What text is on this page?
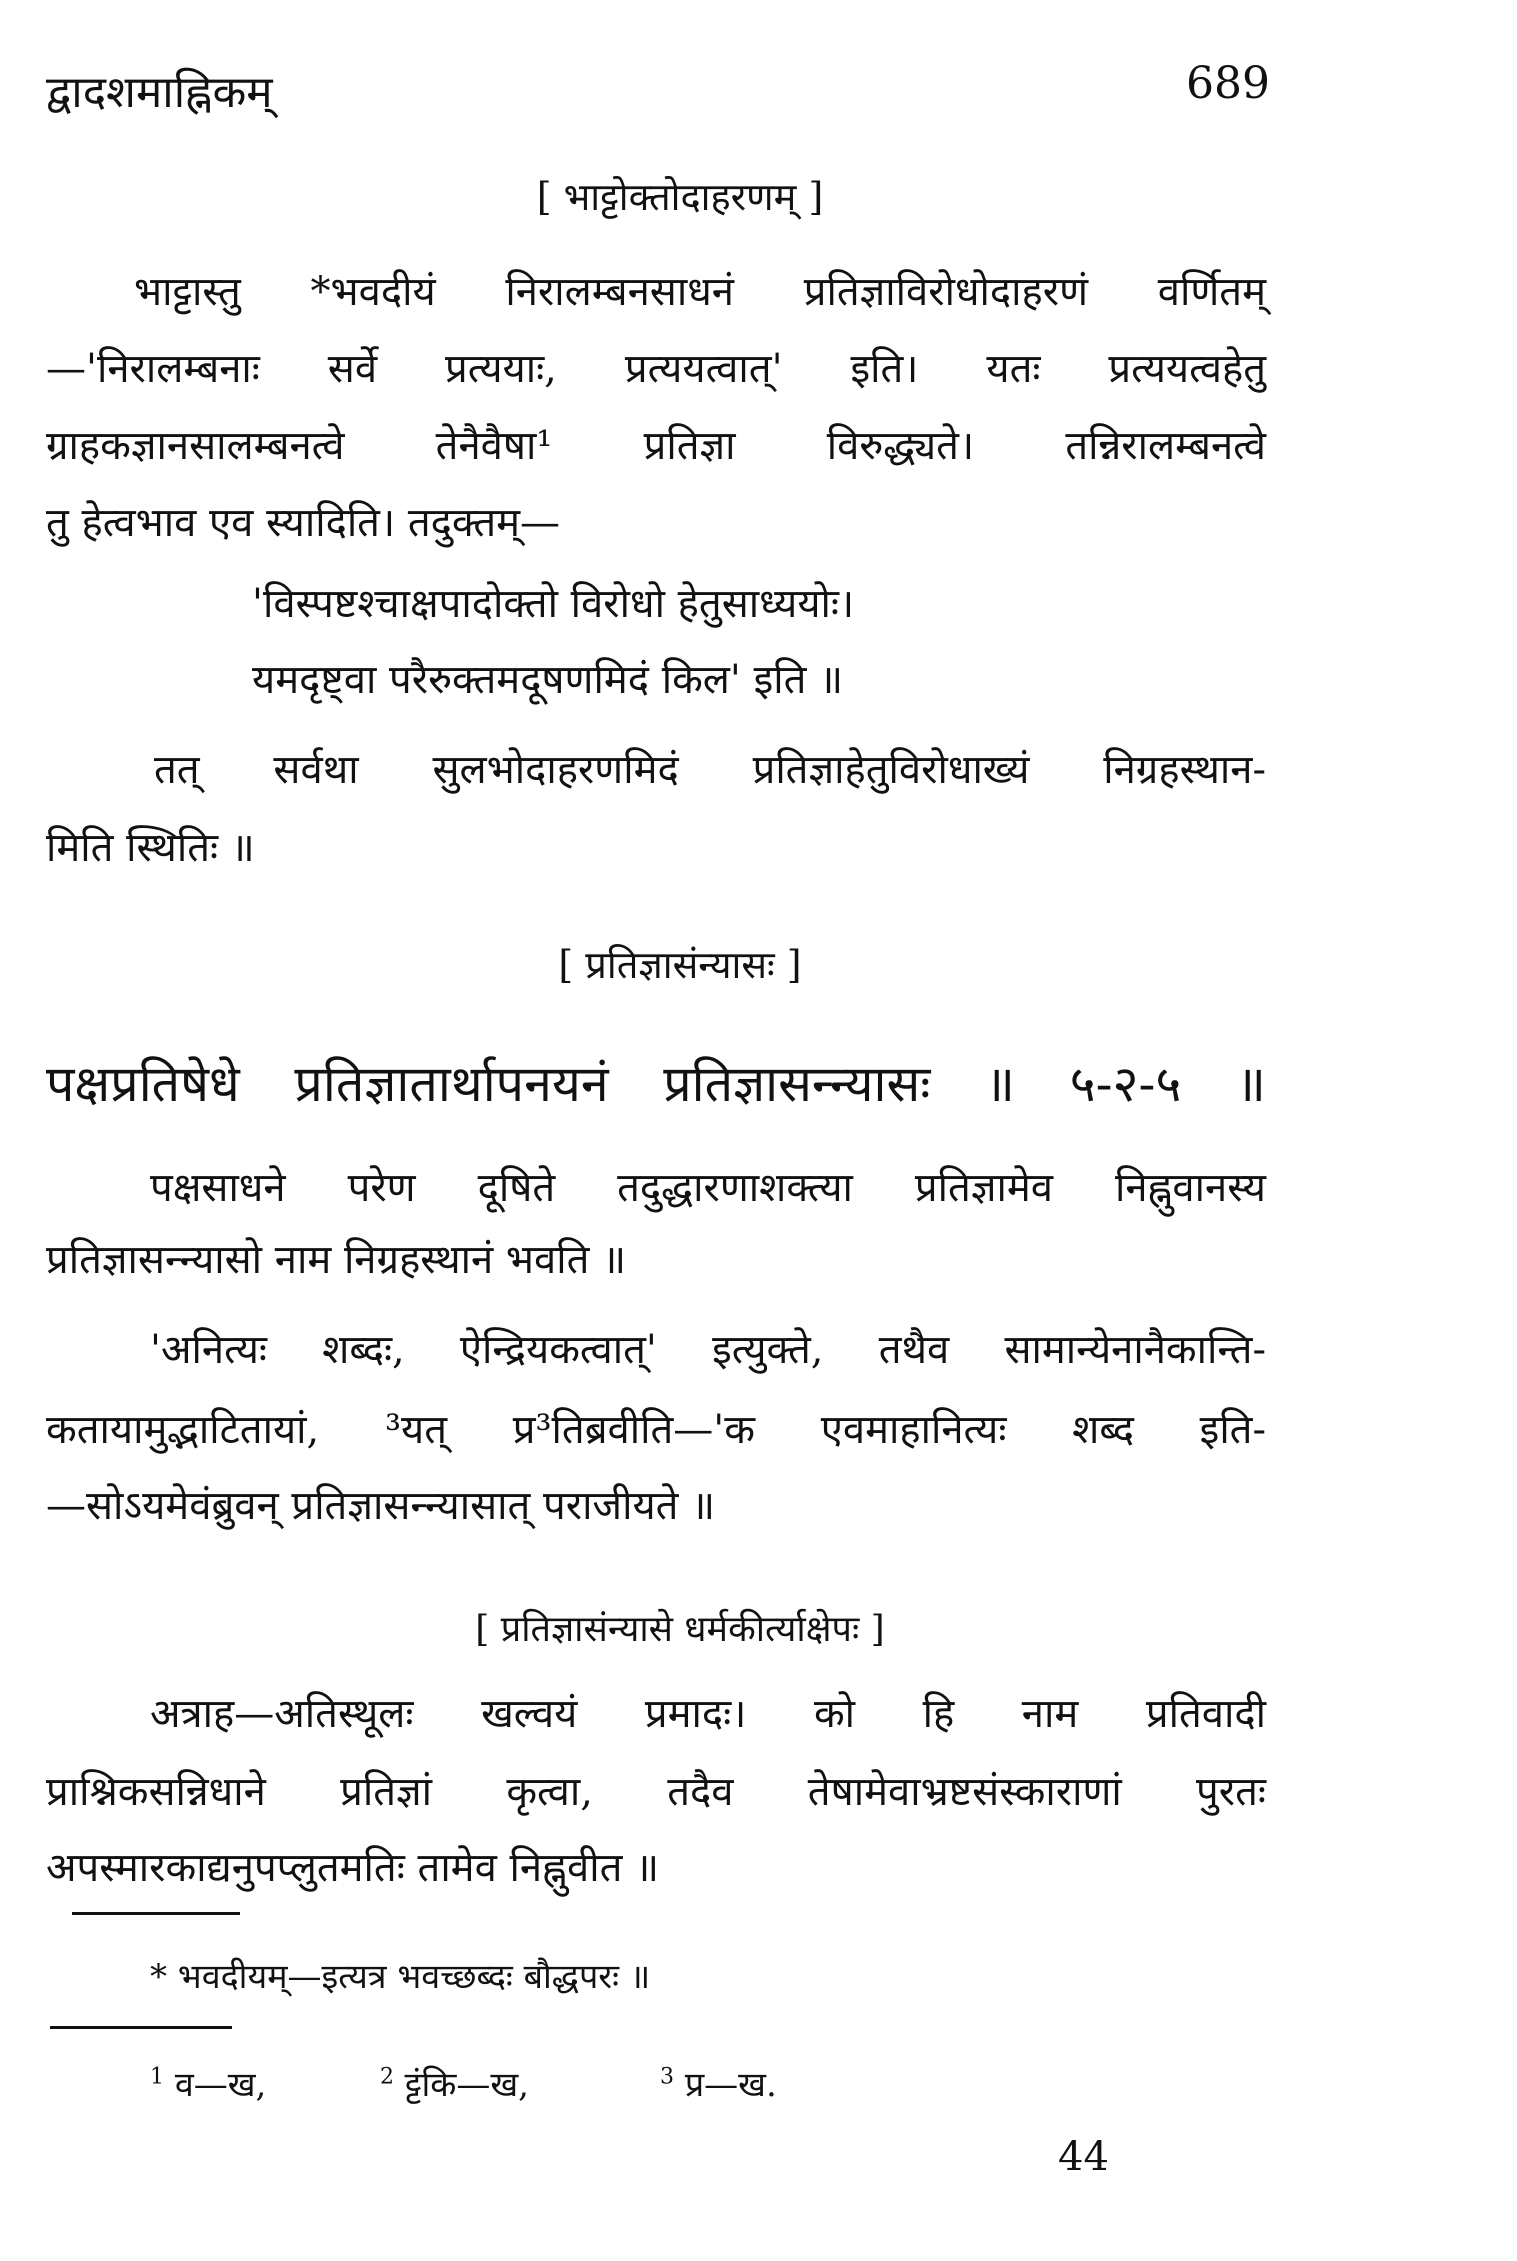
द्वादशमाह्निकम्	689
[ भाट्टोक्तोदाहरणम् ]
भाट्टास्तु *भवदीयं निरालम्बनसाधनं प्रतिज्ञाविरोधोदाहरणं वर्णितम्
—'निरालम्बनाः सर्वे प्रत्ययाः, प्रत्ययत्वात्' इति। यतः प्रत्ययत्वहेतु
ग्राहकज्ञानसालम्बनत्वे तेनैवैषा¹ प्रतिज्ञा विरुद्ध्यते। तन्निरालम्बनत्वे
तु हेत्वभाव एव स्यादिति। तदुक्तम्—
'विस्पष्टश्चाक्षपादोक्तो विरोधो हेतुसाध्ययोः।
यमदृष्ट्वा परैरुक्तमदूषणमिदं किल' इति ॥
तत् सर्वथा सुलभोदाहरणमिदं प्रतिज्ञाहेतुविरोधाख्यं निग्रहस्थान-
मिति स्थितिः ॥
[ प्रतिज्ञासंन्यासः ]
पक्षप्रतिषेधे प्रतिज्ञातार्थापनयनं प्रतिज्ञासन्न्यासः ॥ ५-२-५ ॥
पक्षसाधने परेण दूषिते तदुद्धारणाशक्त्या प्रतिज्ञामेव निह्नुवानस्य
प्रतिज्ञासन्न्यासो नाम निग्रहस्थानं भवति ॥
'अनित्यः शब्दः, ऐन्द्रियकत्वात्' इत्युक्ते, तथैव सामान्येनानैकान्ति-
कतायामुद्भाटितायां, ³यत् प्र³तिब्रवीति—'क एवमाहानित्यः शब्द इति-
—सोऽयमेवंब्रुवन् प्रतिज्ञासन्न्यासात् पराजीयते ॥
[ प्रतिज्ञासंन्यासे धर्मकीर्त्याक्षेपः ]
अत्राह—अतिस्थूलः खल्वयं प्रमादः। को हि नाम प्रतिवादी
प्राश्निकसन्निधाने प्रतिज्ञां कृत्वा, तदैव तेषामेवाभ्रष्टसंस्काराणां पुरतः
अपस्मारकाद्यनुपप्लुतमतिः तामेव निह्नुवीत ॥
* भवदीयम्—इत्यत्र भवच्छब्दः बौद्धपरः ॥
$^1$ व—ख,	$^2$ ट्टंकि—ख,	$^3$ प्र—ख.
44
